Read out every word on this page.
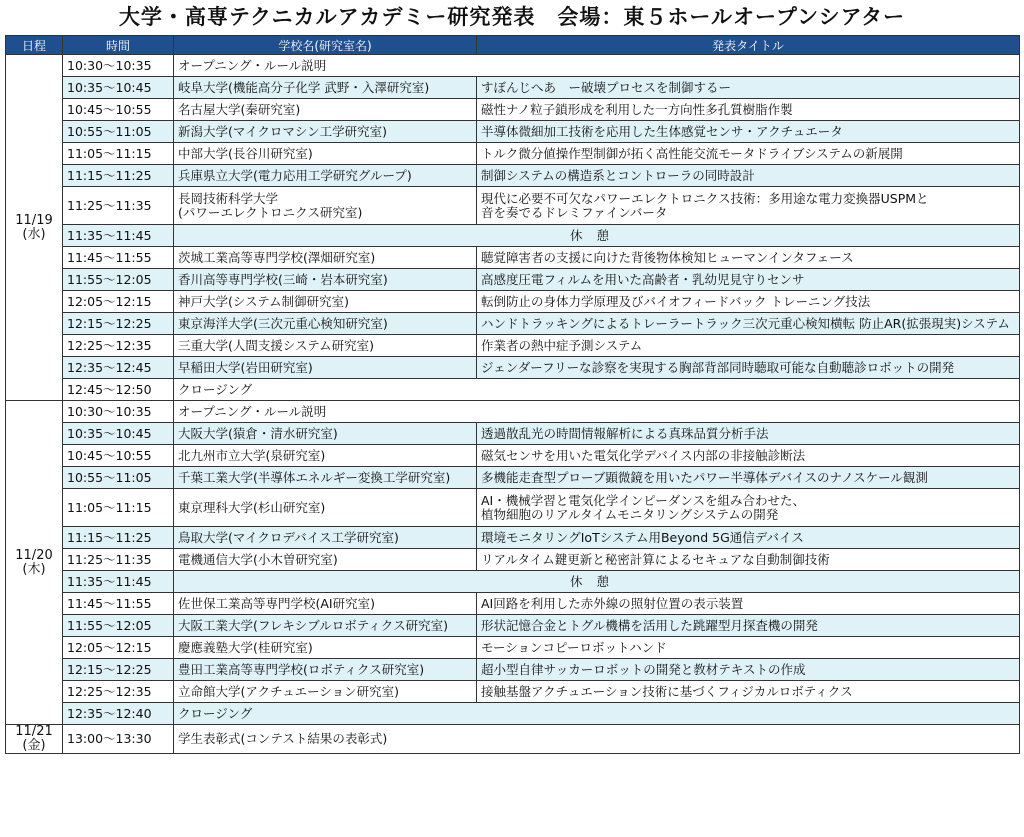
大学・高専テクニカルアカデミー研究発表　会場：東５ホールオープンシアター
日程	時間	学校名(研究室名)	発表タイトル
11/19
(水)	10:30～10:35	オープニング・ルール説明	
	10:35～10:45	岐阜大学(機能高分子化学 武野・入澤研究室)	すぼんじへあ　ー破壊プロセスを制御するー
	10:45～10:55	名古屋大学(秦研究室)	磁性ナノ粒子鎖形成を利用した一方向性多孔質樹脂作製
	10:55～11:05	新潟大学(マイクロマシン工学研究室)	半導体微細加工技術を応用した生体感覚センサ・アクチュエータ
	11:05～11:15	中部大学(長谷川研究室)	トルク微分値操作型制御が拓く高性能交流モータドライブシステムの新展開
	11:15～11:25	兵庫県立大学(電力応用工学研究グループ)	制御システムの構造系とコントローラの同時設計
	11:25～11:35	長岡技術科学大学
(パワーエレクトロニクス研究室)	現代に必要不可欠なパワーエレクトロニクス技術：多用途な電力変換器USPMと
音を奏でるドレミファインバータ
	11:35～11:45	休憩	
	11:45～11:55	茨城工業高等専門学校(澤畑研究室)	聴覚障害者の支援に向けた背後物体検知ヒューマンインタフェース
	11:55～12:05	香川高等専門学校(三崎・岩本研究室)	高感度圧電フィルムを用いた高齢者・乳幼児見守りセンサ
	12:05～12:15	神戸大学(システム制御研究室)	転倒防止の身体力学原理及びバイオフィードバック トレーニング技法
	12:15～12:25	東京海洋大学(三次元重心検知研究室)	ハンドトラッキングによるトレーラートラック三次元重心検知横転 防止AR(拡張現実)システム
	12:25～12:35	三重大学(人間支援システム研究室)	作業者の熱中症予測システム
	12:35～12:45	早稲田大学(岩田研究室)	ジェンダーフリーな診察を実現する胸部背部同時聴取可能な自動聴診ロボットの開発
	12:45～12:50	クロージング	
11/20
(木)	10:30～10:35	オープニング・ルール説明	
	10:35～10:45	大阪大学(猿倉・清水研究室)	透過散乱光の時間情報解析による真珠品質分析手法
	10:45～10:55	北九州市立大学(泉研究室)	磁気センサを用いた電気化学デバイス内部の非接触診断法
	10:55～11:05	千葉工業大学(半導体エネルギー変換工学研究室)	多機能走査型プローブ顕微鏡を用いたパワー半導体デバイスのナノスケール観測
	11:05～11:15	東京理科大学(杉山研究室)	AI・機械学習と電気化学インピーダンスを組み合わせた、
植物細胞のリアルタイムモニタリングシステムの開発
	11:15～11:25	鳥取大学(マイクロデバイス工学研究室)	環境モニタリングIoTシステム用Beyond 5G通信デバイス
	11:25～11:35	電機通信大学(小木曽研究室)	リアルタイム鍵更新と秘密計算によるセキュアな自動制御技術
	11:35～11:45	休憩	
	11:45～11:55	佐世保工業高等専門学校(AI研究室)	AI回路を利用した赤外線の照射位置の表示装置
	11:55～12:05	大阪工業大学(フレキシブルロボティクス研究室)	形状記憶合金とトグル機構を活用した跳躍型月探査機の開発
	12:05～12:15	慶應義塾大学(桂研究室)	モーションコピーロボットハンド
	12:15～12:25	豊田工業高等専門学校(ロボティクス研究室)	超小型自律サッカーロボットの開発と教材テキストの作成
	12:25～12:35	立命館大学(アクチュエーション研究室)	接触基盤アクチュエーション技術に基づくフィジカルロボティクス
	12:35～12:40	クロージング	
11/21
(金)	13:00～13:30	学生表彰式(コンテスト結果の表彰式)	
